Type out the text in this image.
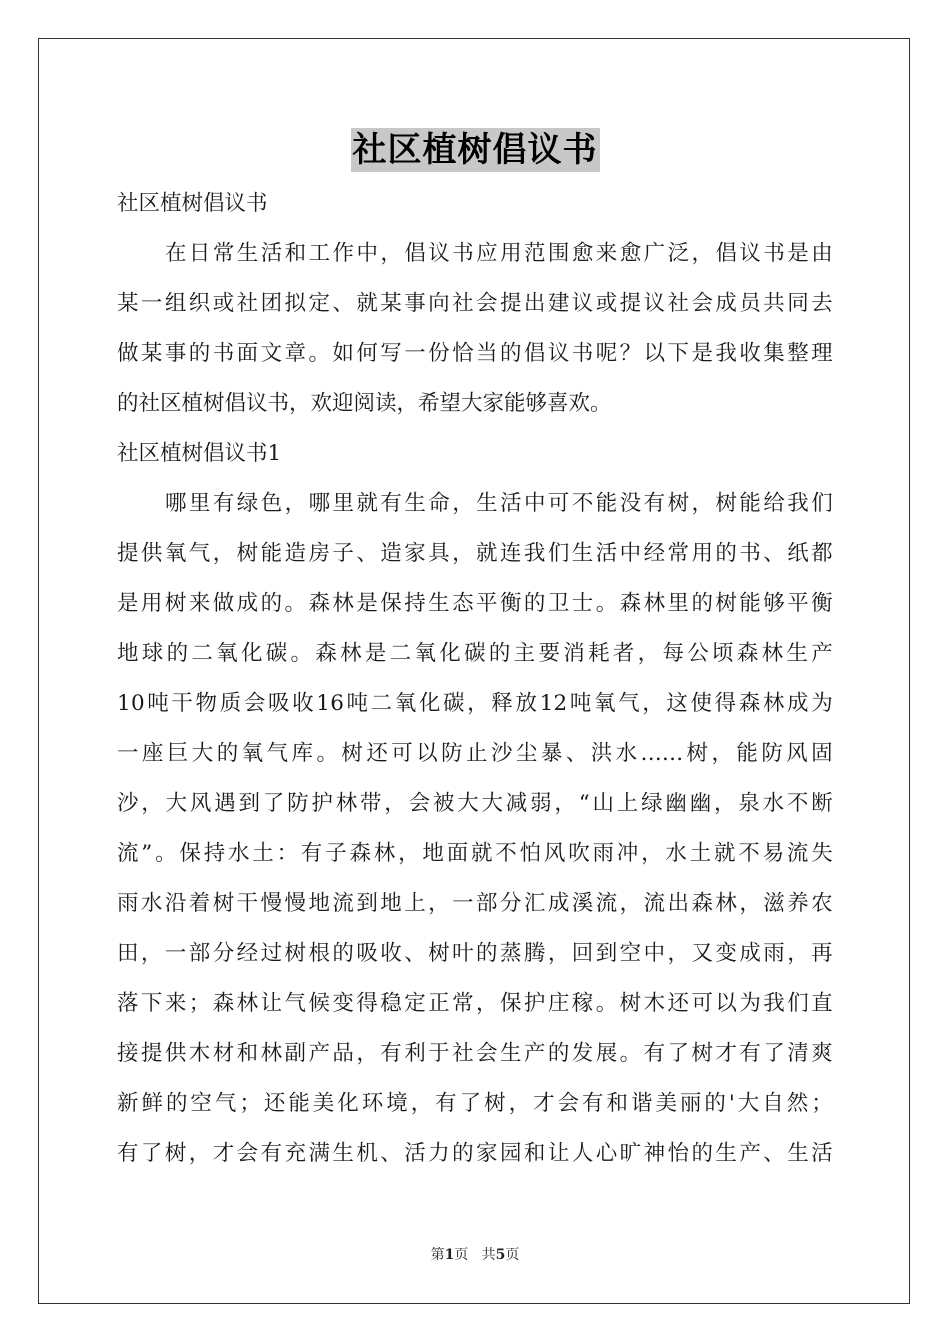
社区植树倡议书
社区植树倡议书
在日常生活和工作中，倡议书应用范围愈来愈广泛，倡议书是由
某一组织或社团拟定、就某事向社会提出建议或提议社会成员共同去
做某事的书面文章。如何写一份恰当的倡议书呢？以下是我收集整理
的社区植树倡议书，欢迎阅读，希望大家能够喜欢。
社区植树倡议书1
哪里有绿色，哪里就有生命，生活中可不能没有树，树能给我们
提供氧气，树能造房子、造家具，就连我们生活中经常用的书、纸都
是用树来做成的。森林是保持生态平衡的卫士。森林里的树能够平衡
地球的二氧化碳。森林是二氧化碳的主要消耗者，每公顷森林生产
10吨干物质会吸收16吨二氧化碳，释放12吨氧气，这使得森林成为
一座巨大的氧气库。树还可以防止沙尘暴、洪水......树，能防风固
沙，大风遇到了防护林带，会被大大减弱，“山上绿幽幽，泉水不断
流”。保持水土：有子森林，地面就不怕风吹雨冲，水土就不易流失
雨水沿着树干慢慢地流到地上，一部分汇成溪流，流出森林，滋养农
田，一部分经过树根的吸收、树叶的蒸腾，回到空中，又变成雨，再
落下来；森林让气候变得稳定正常，保护庄稼。树木还可以为我们直
接提供木材和林副产品，有利于社会生产的发展。有了树才有了清爽
新鲜的空气；还能美化环境，有了树，才会有和谐美丽的'大自然；
有了树，才会有充满生机、活力的家园和让人心旷神怡的生产、生活
第1页 共5页
